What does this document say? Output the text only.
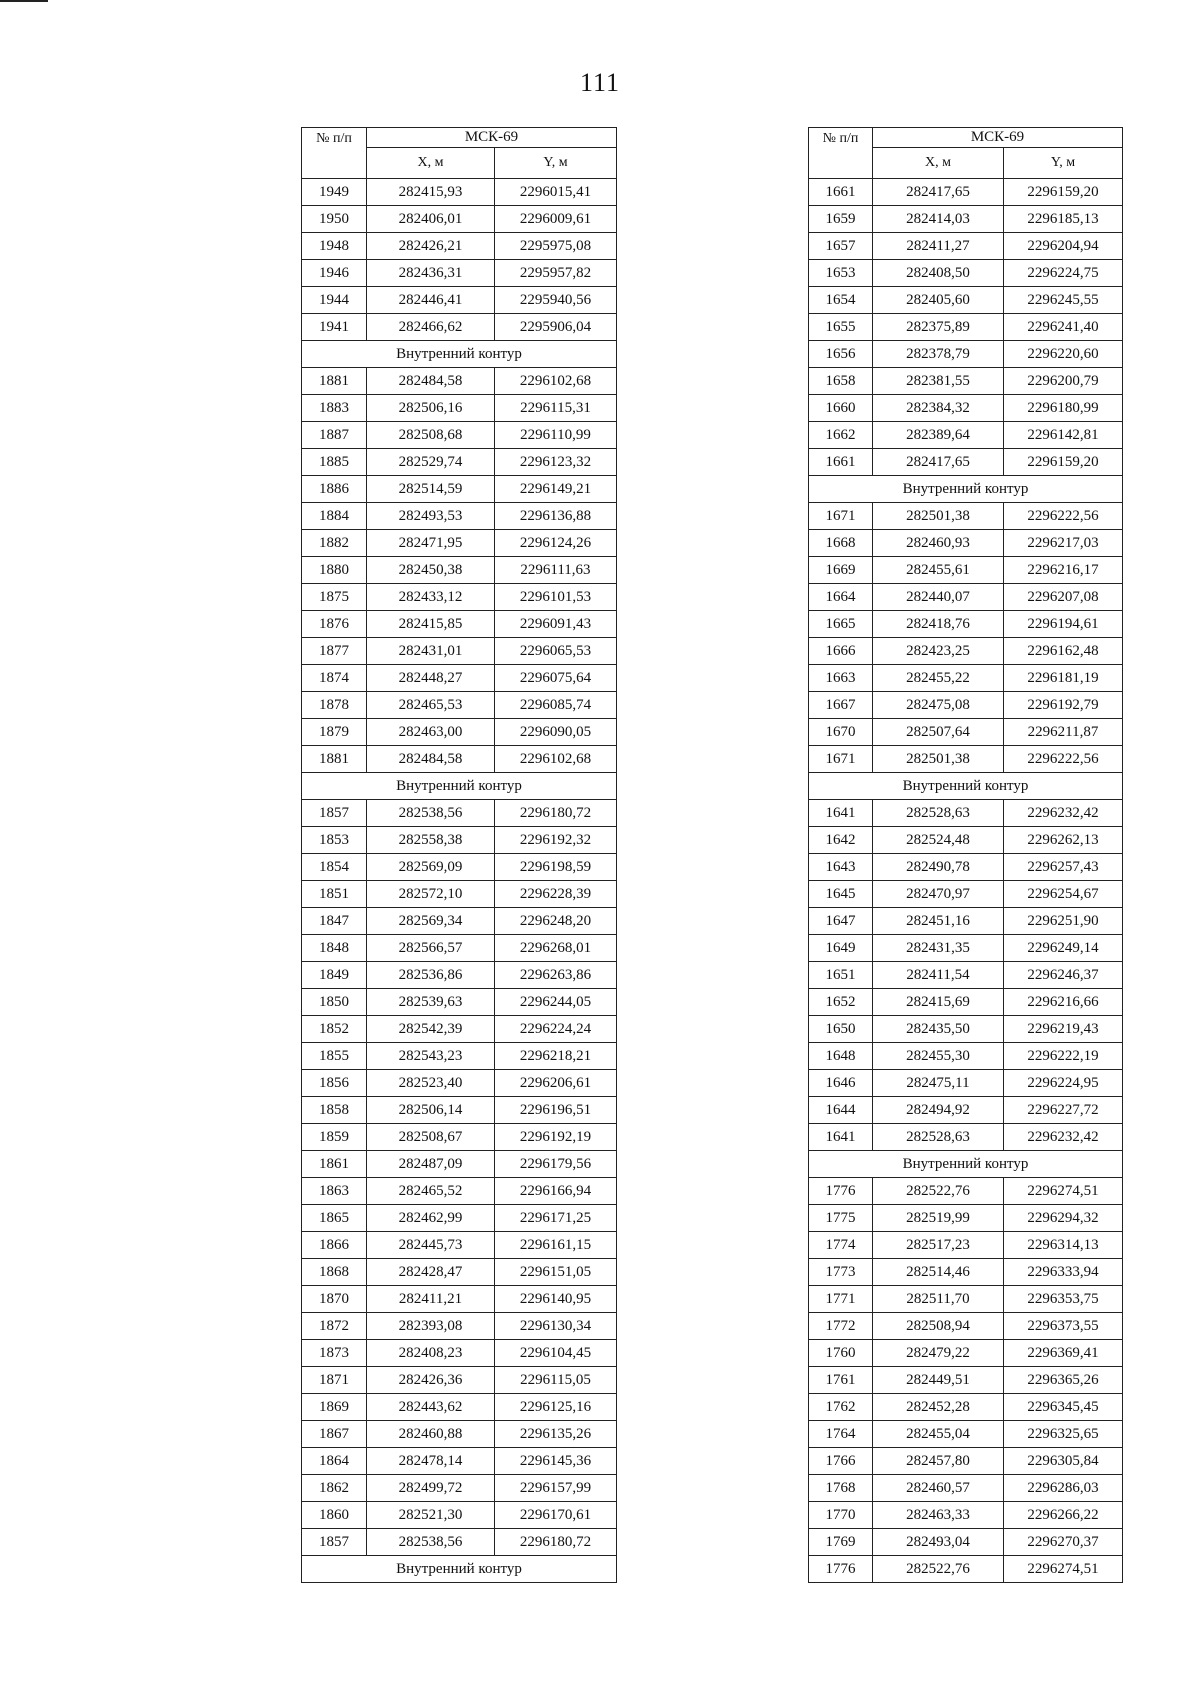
111
№ п/п	МСК-69	
	X, м	Y, м
1949	282415,93	2296015,41
1950	282406,01	2296009,61
1948	282426,21	2295975,08
1946	282436,31	2295957,82
1944	282446,41	2295940,56
1941	282466,62	2295906,04
Внутренний контур		
1881	282484,58	2296102,68
1883	282506,16	2296115,31
1887	282508,68	2296110,99
1885	282529,74	2296123,32
1886	282514,59	2296149,21
1884	282493,53	2296136,88
1882	282471,95	2296124,26
1880	282450,38	2296111,63
1875	282433,12	2296101,53
1876	282415,85	2296091,43
1877	282431,01	2296065,53
1874	282448,27	2296075,64
1878	282465,53	2296085,74
1879	282463,00	2296090,05
1881	282484,58	2296102,68
Внутренний контур		
1857	282538,56	2296180,72
1853	282558,38	2296192,32
1854	282569,09	2296198,59
1851	282572,10	2296228,39
1847	282569,34	2296248,20
1848	282566,57	2296268,01
1849	282536,86	2296263,86
1850	282539,63	2296244,05
1852	282542,39	2296224,24
1855	282543,23	2296218,21
1856	282523,40	2296206,61
1858	282506,14	2296196,51
1859	282508,67	2296192,19
1861	282487,09	2296179,56
1863	282465,52	2296166,94
1865	282462,99	2296171,25
1866	282445,73	2296161,15
1868	282428,47	2296151,05
1870	282411,21	2296140,95
1872	282393,08	2296130,34
1873	282408,23	2296104,45
1871	282426,36	2296115,05
1869	282443,62	2296125,16
1867	282460,88	2296135,26
1864	282478,14	2296145,36
1862	282499,72	2296157,99
1860	282521,30	2296170,61
1857	282538,56	2296180,72
Внутренний контур		
№ п/п	МСК-69	
	X, м	Y, м
1661	282417,65	2296159,20
1659	282414,03	2296185,13
1657	282411,27	2296204,94
1653	282408,50	2296224,75
1654	282405,60	2296245,55
1655	282375,89	2296241,40
1656	282378,79	2296220,60
1658	282381,55	2296200,79
1660	282384,32	2296180,99
1662	282389,64	2296142,81
1661	282417,65	2296159,20
Внутренний контур		
1671	282501,38	2296222,56
1668	282460,93	2296217,03
1669	282455,61	2296216,17
1664	282440,07	2296207,08
1665	282418,76	2296194,61
1666	282423,25	2296162,48
1663	282455,22	2296181,19
1667	282475,08	2296192,79
1670	282507,64	2296211,87
1671	282501,38	2296222,56
Внутренний контур		
1641	282528,63	2296232,42
1642	282524,48	2296262,13
1643	282490,78	2296257,43
1645	282470,97	2296254,67
1647	282451,16	2296251,90
1649	282431,35	2296249,14
1651	282411,54	2296246,37
1652	282415,69	2296216,66
1650	282435,50	2296219,43
1648	282455,30	2296222,19
1646	282475,11	2296224,95
1644	282494,92	2296227,72
1641	282528,63	2296232,42
Внутренний контур		
1776	282522,76	2296274,51
1775	282519,99	2296294,32
1774	282517,23	2296314,13
1773	282514,46	2296333,94
1771	282511,70	2296353,75
1772	282508,94	2296373,55
1760	282479,22	2296369,41
1761	282449,51	2296365,26
1762	282452,28	2296345,45
1764	282455,04	2296325,65
1766	282457,80	2296305,84
1768	282460,57	2296286,03
1770	282463,33	2296266,22
1769	282493,04	2296270,37
1776	282522,76	2296274,51
